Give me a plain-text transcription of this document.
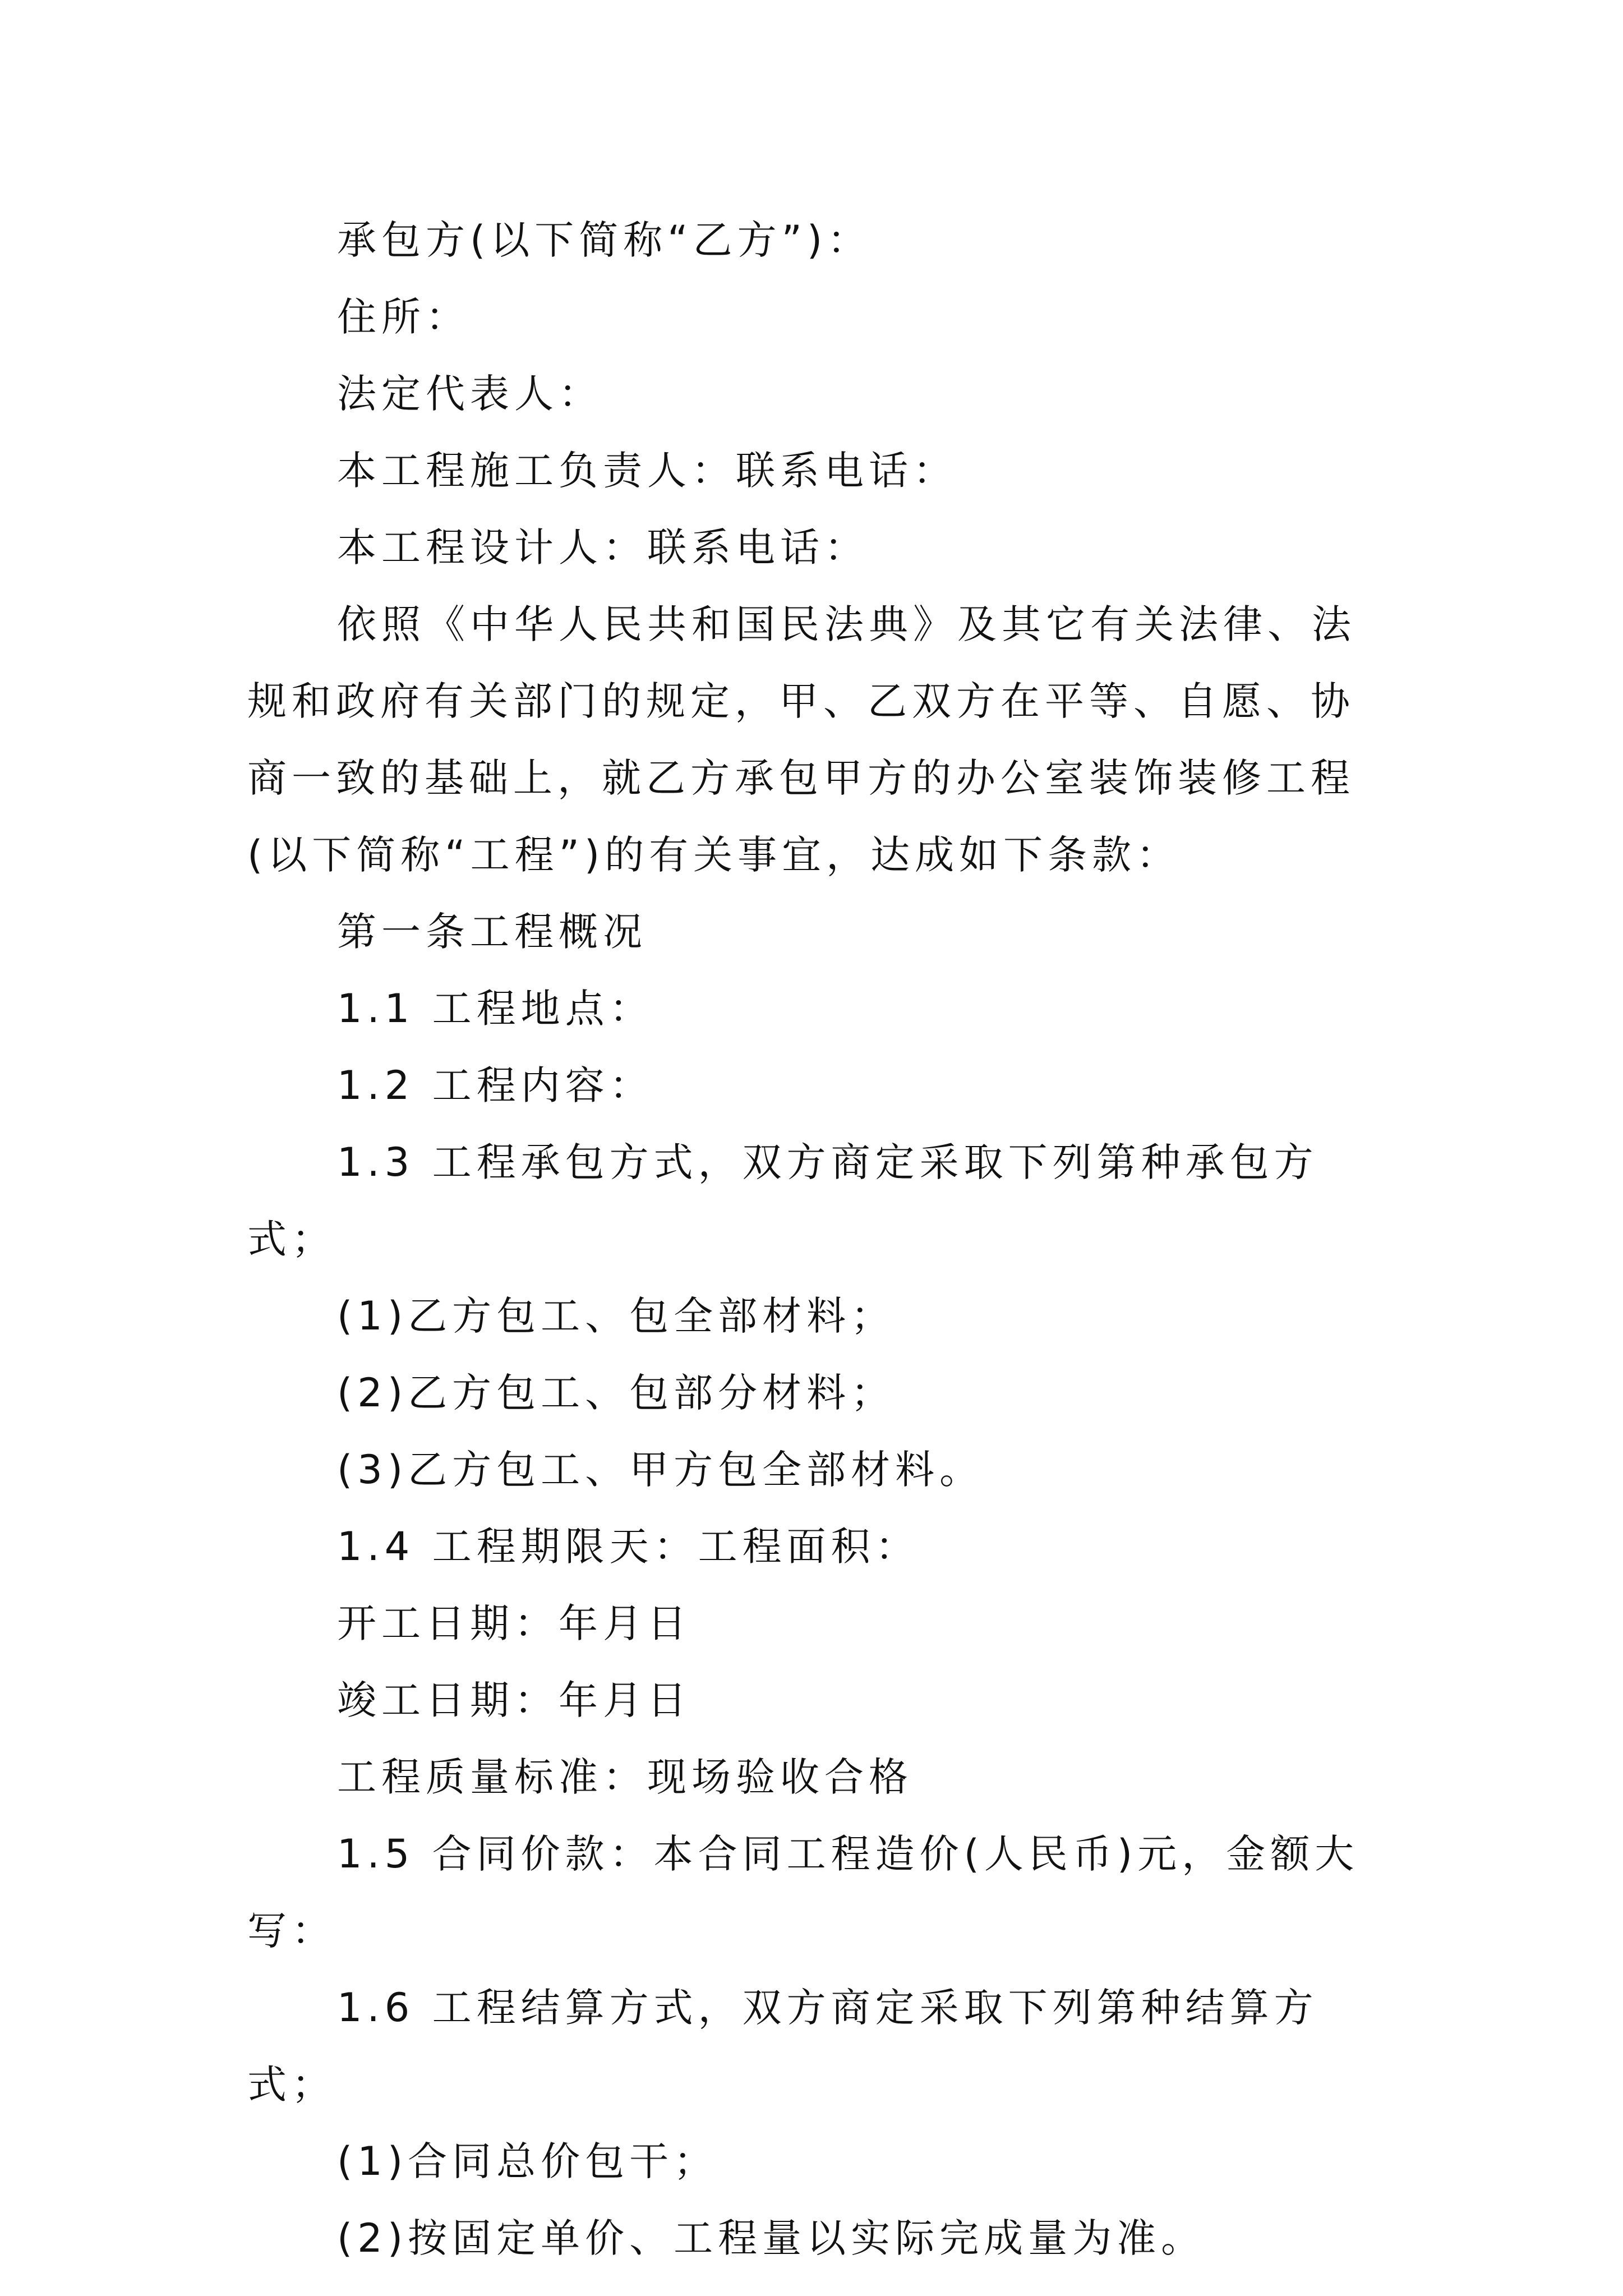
承包方(以下简称“乙方”)：

住所：

法定代表人：

本工程施工负责人：联系电话：

本工程设计人：联系电话：

依照《中华人民共和国民法典》及其它有关法律、法规和政府有关部门的规定，甲、乙双方在平等、自愿、协商一致的基础上，就乙方承包甲方的办公室装饰装修工程(以下简称“工程”)的有关事宜，达成如下条款：

第一条工程概况

1.1 工程地点：

1.2 工程内容：

1.3 工程承包方式，双方商定采取下列第种承包方式；

(1)乙方包工、包全部材料；

(2)乙方包工、包部分材料；

(3)乙方包工、甲方包全部材料。

1.4 工程期限天：工程面积：

开工日期：年月日

竣工日期：年月日

工程质量标准：现场验收合格

1.5 合同价款：本合同工程造价(人民币)元，金额大写：

1.6 工程结算方式，双方商定采取下列第种结算方式；

(1)合同总价包干；

(2)按固定单价、工程量以实际完成量为准。
